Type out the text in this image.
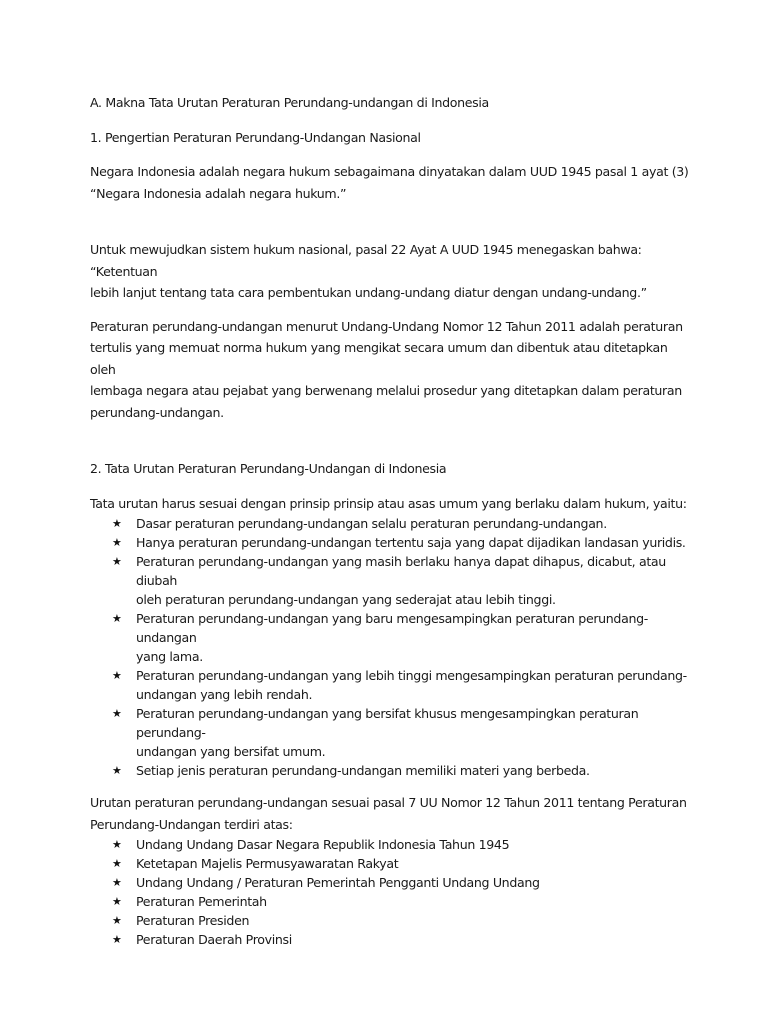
A. Makna Tata Urutan Peraturan Perundang-undangan di Indonesia

1. Pengertian Peraturan Perundang-Undangan Nasional

Negara Indonesia adalah negara hukum sebagaimana dinyatakan dalam UUD 1945 pasal 1 ayat (3)
“Negara Indonesia adalah negara hukum.”

Untuk mewujudkan sistem hukum nasional, pasal 22 Ayat A UUD 1945 menegaskan bahwa: “Ketentuan
lebih lanjut tentang tata cara pembentukan undang-undang diatur dengan undang-undang.”

Peraturan perundang-undangan menurut Undang-Undang Nomor 12 Tahun 2011 adalah peraturan
tertulis yang memuat norma hukum yang mengikat secara umum dan dibentuk atau ditetapkan oleh
lembaga negara atau pejabat yang berwenang melalui prosedur yang ditetapkan dalam peraturan
perundang-undangan.

2. Tata Urutan Peraturan Perundang-Undangan di Indonesia

Tata urutan harus sesuai dengan prinsip prinsip atau asas umum yang berlaku dalam hukum, yaitu:

★ Dasar peraturan perundang-undangan selalu peraturan perundang-undangan.
★ Hanya peraturan perundang-undangan tertentu saja yang dapat dijadikan landasan yuridis.
★ Peraturan perundang-undangan yang masih berlaku hanya dapat dihapus, dicabut, atau diubah
oleh peraturan perundang-undangan yang sederajat atau lebih tinggi.
★ Peraturan perundang-undangan yang baru mengesampingkan peraturan perundang-undangan
yang lama.
★ Peraturan perundang-undangan yang lebih tinggi mengesampingkan peraturan perundang-
undangan yang lebih rendah.
★ Peraturan perundang-undangan yang bersifat khusus mengesampingkan peraturan perundang-
undangan yang bersifat umum.
★ Setiap jenis peraturan perundang-undangan memiliki materi yang berbeda.

Urutan peraturan perundang-undangan sesuai pasal 7 UU Nomor 12 Tahun 2011 tentang Peraturan
Perundang-Undangan terdiri atas:

★ Undang Undang Dasar Negara Republik Indonesia Tahun 1945
★ Ketetapan Majelis Permusyawaratan Rakyat
★ Undang Undang / Peraturan Pemerintah Pengganti Undang Undang
★ Peraturan Pemerintah
★ Peraturan Presiden
★ Peraturan Daerah Provinsi
